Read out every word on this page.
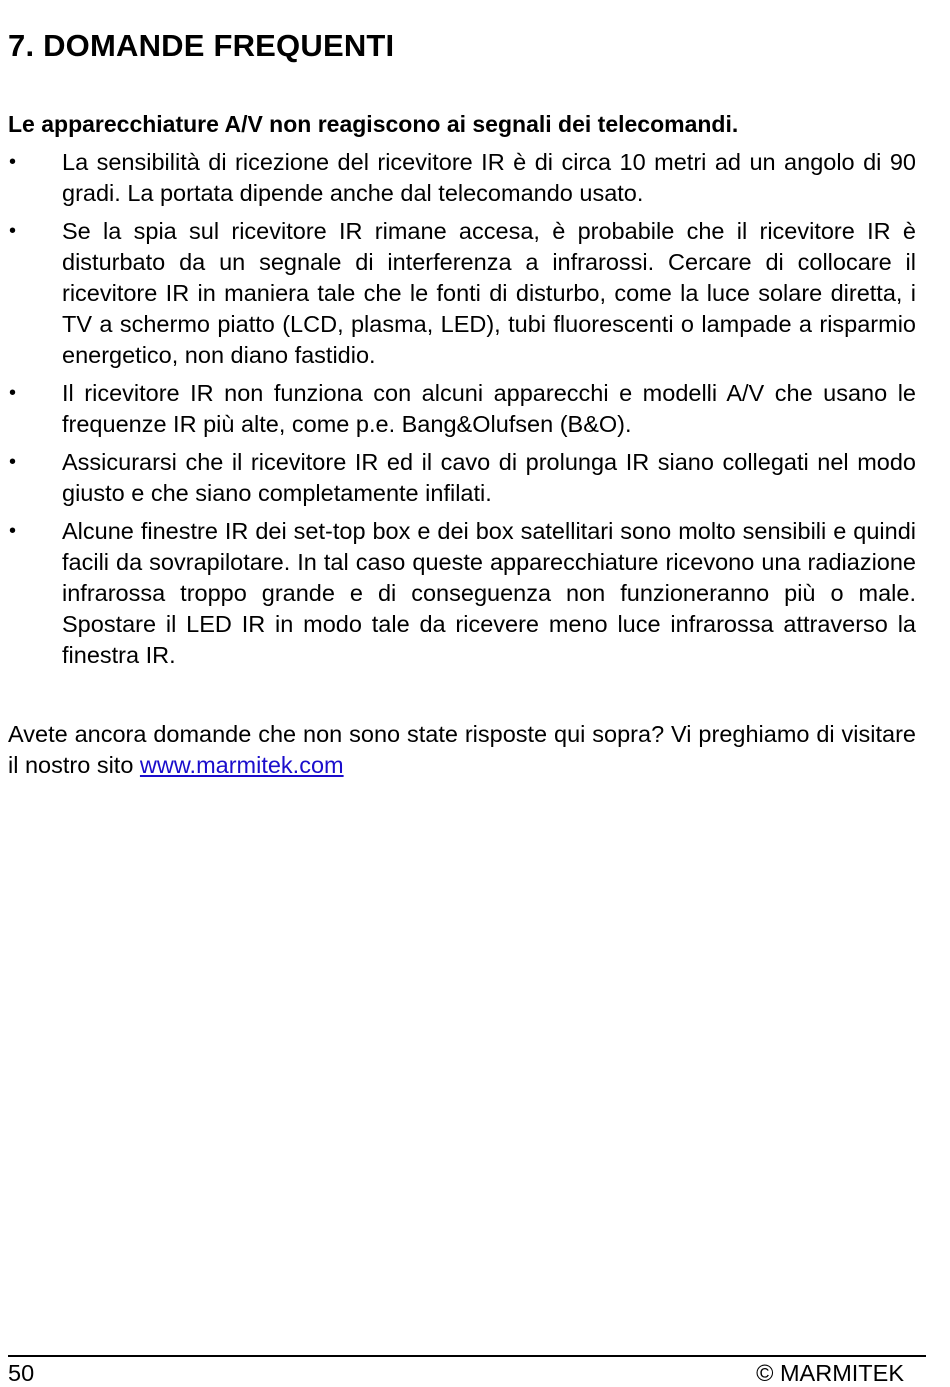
7. DOMANDE FREQUENTI
Le apparecchiature A/V non reagiscono ai segnali dei telecomandi.
• La sensibilità di ricezione del ricevitore IR è di circa 10 metri ad un angolo di 90 gradi. La portata dipende anche dal telecomando usato.
• Se la spia sul ricevitore IR rimane accesa, è probabile che il ricevitore IR è disturbato da un segnale di interferenza a infrarossi. Cercare di collocare il ricevitore IR in maniera tale che le fonti di disturbo, come la luce solare diretta, i TV a schermo piatto (LCD, plasma, LED), tubi fluorescenti o lampade a risparmio energetico, non diano fastidio.
• Il ricevitore IR non funziona con alcuni apparecchi e modelli A/V che usano le frequenze IR più alte, come p.e. Bang&Olufsen (B&O).
• Assicurarsi che il ricevitore IR ed il cavo di prolunga IR siano collegati nel modo giusto e che siano completamente infilati.
• Alcune finestre IR dei set-top box e dei box satellitari sono molto sensibili e quindi facili da sovrapilotare. In tal caso queste apparecchiature ricevono una radiazione infrarossa troppo grande e di conseguenza non funzioneranno più o male. Spostare il LED IR in modo tale da ricevere meno luce infrarossa attraverso la finestra IR.

Avete ancora domande che non sono state risposte qui sopra? Vi preghiamo di visitare il nostro sito www.marmitek.com

50	© MARMITEK
